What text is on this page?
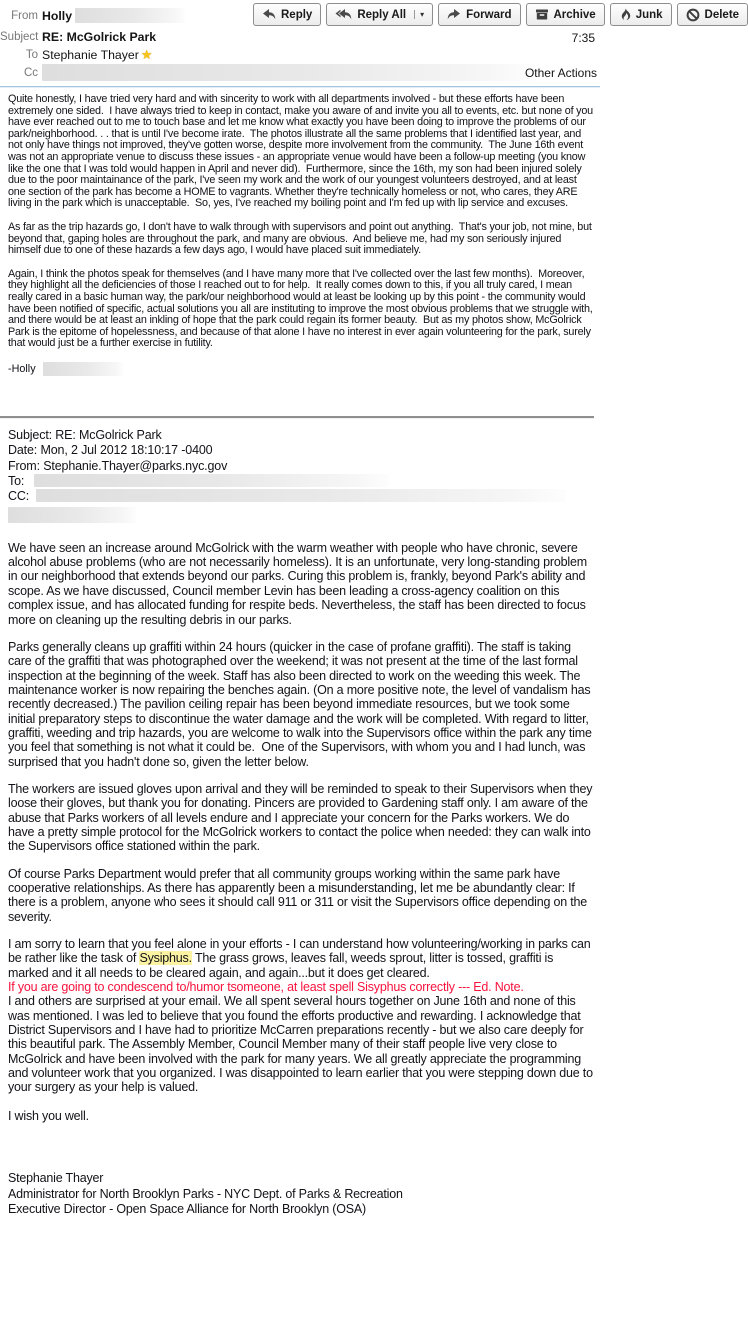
From Holly
Subject RE: McGolrick Park
To Stephanie Thayer ★
Cc
7:35
Other Actions
Reply	Reply All	▾	Forward	Archive	Junk	Delete
Quite honestly, I have tried very hard and with sincerity to work with all departments involved - but these efforts have been extremely one sided.  I have always tried to keep in contact, make you aware of and invite you all to events, etc. but none of you have ever reached out to me to touch base and let me know what exactly you have been doing to improve the problems of our park/neighborhood. . . that is until I've become irate.  The photos illustrate all the same problems that I identified last year, and not only have things not improved, they've gotten worse, despite more involvement from the community.  The June 16th event was not an appropriate venue to discuss these issues - an appropriate venue would have been a follow-up meeting (you know like the one that I was told would happen in April and never did).  Furthermore, since the 16th, my son had been injured solely due to the poor maintainance of the park, I've seen my work and the work of our youngest volunteers destroyed, and at least one section of the park has become a HOME to vagrants. Whether they're technically homeless or not, who cares, they ARE living in the park which is unacceptable.  So, yes, I've reached my boiling point and I'm fed up with lip service and excuses.
As far as the trip hazards go, I don't have to walk through with supervisors and point out anything.  That's your job, not mine, but beyond that, gaping holes are throughout the park, and many are obvious.  And believe me, had my son seriously injured himself due to one of these hazards a few days ago, I would have placed suit immediately.
Again, I think the photos speak for themselves (and I have many more that I've collected over the last few months).  Moreover, they highlight all the deficiencies of those I reached out to for help.  It really comes down to this, if you all truly cared, I mean really cared in a basic human way, the park/our neighborhood would at least be looking up by this point - the community would have been notified of specific, actual solutions you all are instituting to improve the most obvious problems that we struggle with, and there would be at least an inkling of hope that the park could regain its former beauty.  But as my photos show, McGolrick Park is the epitome of hopelessness, and because of that alone I have no interest in ever again volunteering for the park, surely that would just be a further exercise in futility.
-Holly
Subject: RE: McGolrick Park
Date: Mon, 2 Jul 2012 18:10:17 -0400
From: Stephanie.Thayer@parks.nyc.gov
To:
CC:
We have seen an increase around McGolrick with the warm weather with people who have chronic, severe alcohol abuse problems (who are not necessarily homeless). It is an unfortunate, very long-standing problem in our neighborhood that extends beyond our parks. Curing this problem is, frankly, beyond Park's ability and scope. As we have discussed, Council member Levin has been leading a cross-agency coalition on this complex issue, and has allocated funding for respite beds. Nevertheless, the staff has been directed to focus more on cleaning up the resulting debris in our parks.
Parks generally cleans up graffiti within 24 hours (quicker in the case of profane graffiti). The staff is taking care of the graffiti that was photographed over the weekend; it was not present at the time of the last formal inspection at the beginning of the week. Staff has also been directed to work on the weeding this week. The maintenance worker is now repairing the benches again. (On a more positive note, the level of vandalism has recently decreased.) The pavilion ceiling repair has been beyond immediate resources, but we took some initial preparatory steps to discontinue the water damage and the work will be completed. With regard to litter, graffiti, weeding and trip hazards, you are welcome to walk into the Supervisors office within the park any time you feel that something is not what it could be.  One of the Supervisors, with whom you and I had lunch, was surprised that you hadn't done so, given the letter below.
The workers are issued gloves upon arrival and they will be reminded to speak to their Supervisors when they loose their gloves, but thank you for donating. Pincers are provided to Gardening staff only. I am aware of the abuse that Parks workers of all levels endure and I appreciate your concern for the Parks workers. We do have a pretty simple protocol for the McGolrick workers to contact the police when needed: they can walk into the Supervisors office stationed within the park.
Of course Parks Department would prefer that all community groups working within the same park have cooperative relationships. As there has apparently been a misunderstanding, let me be abundantly clear: If there is a problem, anyone who sees it should call 911 or 311 or visit the Supervisors office depending on the severity.
I am sorry to learn that you feel alone in your efforts - I can understand how volunteering/working in parks can be rather like the task of Sysiphus. The grass grows, leaves fall, weeds sprout, litter is tossed, graffiti is marked and it all needs to be cleared again, and again...but it does get cleared.
If you are going to condescend to/humor tsomeone, at least spell Sisyphus correctly --- Ed. Note.
I and others are surprised at your email. We all spent several hours together on June 16th and none of this was mentioned. I was led to believe that you found the efforts productive and rewarding. I acknowledge that District Supervisors and I have had to prioritize McCarren preparations recently - but we also care deeply for this beautiful park. The Assembly Member, Council Member many of their staff people live very close to McGolrick and have been involved with the park for many years. We all greatly appreciate the programming and volunteer work that you organized. I was disappointed to learn earlier that you were stepping down due to your surgery as your help is valued.
I wish you well.
Stephanie Thayer
Administrator for North Brooklyn Parks - NYC Dept. of Parks & Recreation
Executive Director - Open Space Alliance for North Brooklyn (OSA)
